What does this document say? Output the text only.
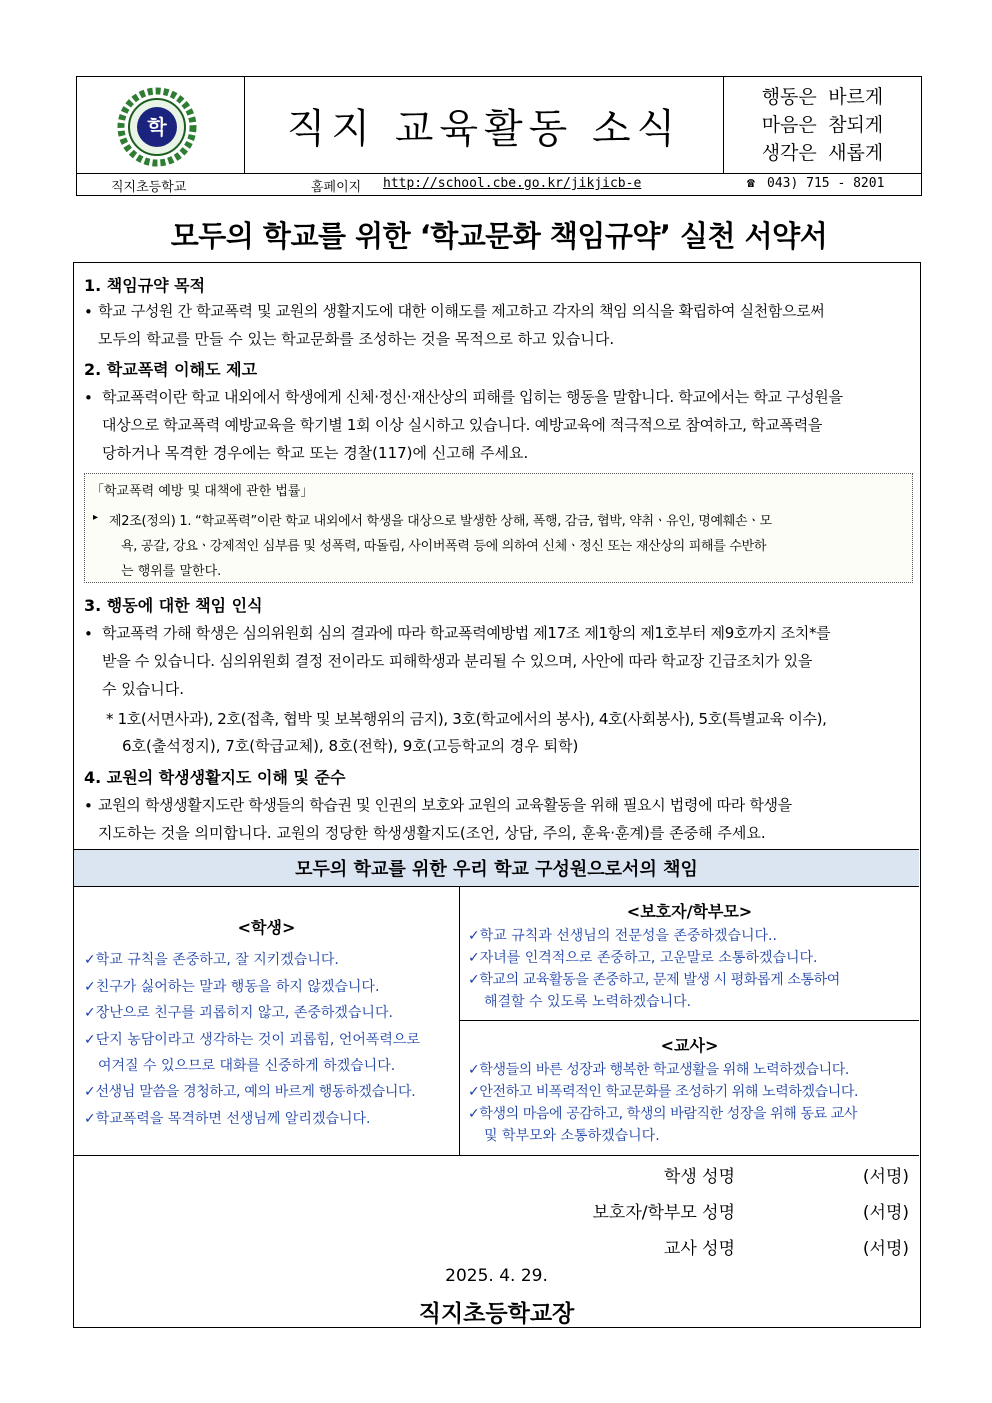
학	직지 교육활동 소식
행동은 바르게
마음은 참되게
생각은 새롭게
직지초등학교	홈페이지 http://school.cbe.go.kr/jikjicb-e	☎ 043) 715 - 8201
모두의 학교를 위한 ‘학교문화 책임규약’ 실천 서약서
1. 책임규약 목적
• 학교 구성원 간 학교폭력 및 교원의 생활지도에 대한 이해도를 제고하고 각자의 책임 의식을 확립하여 실천함으로써
모두의 학교를 만들 수 있는 학교문화를 조성하는 것을 목적으로 하고 있습니다.
2. 학교폭력 이해도 제고
• 학교폭력이란 학교 내외에서 학생에게 신체·정신·재산상의 피해를 입히는 행동을 말합니다. 학교에서는 학교 구성원을
대상으로 학교폭력 예방교육을 학기별 1회 이상 실시하고 있습니다. 예방교육에 적극적으로 참여하고, 학교폭력을
당하거나 목격한 경우에는 학교 또는 경찰(117)에 신고해 주세요.
「학교폭력 예방 및 대책에 관한 법률」
▸ 제2조(정의) 1. “학교폭력”이란 학교 내외에서 학생을 대상으로 발생한 상해, 폭행, 감금, 협박, 약취ㆍ유인, 명예훼손ㆍ모
욕, 공갈, 강요ㆍ강제적인 심부름 및 성폭력, 따돌림, 사이버폭력 등에 의하여 신체ㆍ정신 또는 재산상의 피해를 수반하
는 행위를 말한다.
3. 행동에 대한 책임 인식
• 학교폭력 가해 학생은 심의위원회 심의 결과에 따라 학교폭력예방법 제17조 제1항의 제1호부터 제9호까지 조치*를
받을 수 있습니다. 심의위원회 결정 전이라도 피해학생과 분리될 수 있으며, 사안에 따라 학교장 긴급조치가 있을
수 있습니다.
* 1호(서면사과), 2호(접촉, 협박 및 보복행위의 금지), 3호(학교에서의 봉사), 4호(사회봉사), 5호(특별교육 이수),
6호(출석정지), 7호(학급교체), 8호(전학), 9호(고등학교의 경우 퇴학)
4. 교원의 학생생활지도 이해 및 준수
• 교원의 학생생활지도란 학생들의 학습권 및 인권의 보호와 교원의 교육활동을 위해 필요시 법령에 따라 학생을
지도하는 것을 의미합니다. 교원의 정당한 학생생활지도(조언, 상담, 주의, 훈육·훈계)를 존중해 주세요.
모두의 학교를 위한 우리 학교 구성원으로서의 책임
<학생>
✓학교 규칙을 존중하고, 잘 지키겠습니다.
✓친구가 싫어하는 말과 행동을 하지 않겠습니다.
✓장난으로 친구를 괴롭히지 않고, 존중하겠습니다.
✓단지 농담이라고 생각하는 것이 괴롭힘, 언어폭력으로
여겨질 수 있으므로 대화를 신중하게 하겠습니다.
✓선생님 말씀을 경청하고, 예의 바르게 행동하겠습니다.
✓학교폭력을 목격하면 선생님께 알리겠습니다.
<보호자/학부모>
✓학교 규칙과 선생님의 전문성을 존중하겠습니다..
✓자녀를 인격적으로 존중하고, 고운말로 소통하겠습니다.
✓학교의 교육활동을 존중하고, 문제 발생 시 평화롭게 소통하여
해결할 수 있도록 노력하겠습니다.
<교사>
✓학생들의 바른 성장과 행복한 학교생활을 위해 노력하겠습니다.
✓안전하고 비폭력적인 학교문화를 조성하기 위해 노력하겠습니다.
✓학생의 마음에 공감하고, 학생의 바람직한 성장을 위해 동료 교사
및 학부모와 소통하겠습니다.
학생 성명	(서명)
보호자/학부모 성명	(서명)
교사 성명	(서명)
2025. 4. 29.
직지초등학교장
